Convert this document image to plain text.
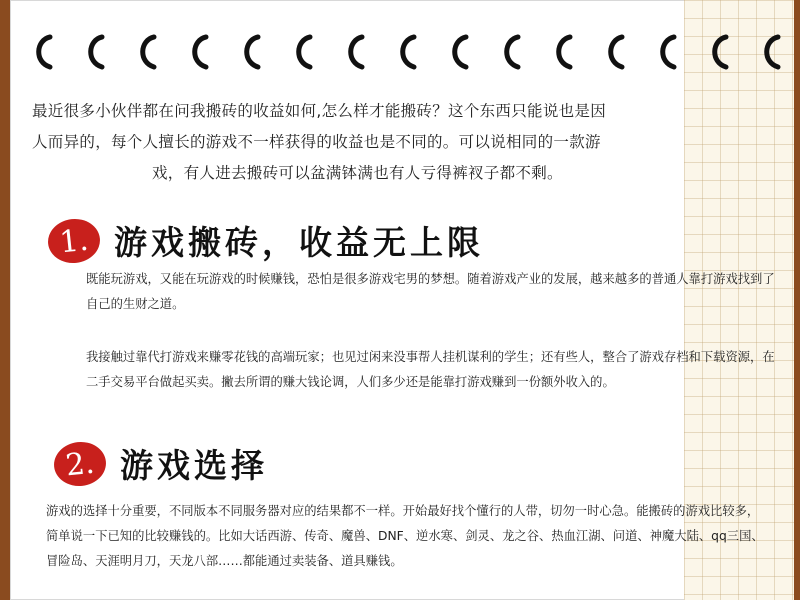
最近很多小伙伴都在问我搬砖的收益如何,怎么样才能搬砖？这个东西只能说也是因
人而异的，每个人擅长的游戏不一样获得的收益也是不同的。可以说相同的一款游
戏，有人进去搬砖可以盆满钵满也有人亏得裤衩子都不剩。
1. 游戏搬砖，收益无上限
既能玩游戏，又能在玩游戏的时候赚钱，恐怕是很多游戏宅男的梦想。随着游戏产业的发展，越来越多的普通人靠打游戏找到了自己的生财之道。
我接触过靠代打游戏来赚零花钱的高端玩家；也见过闲来没事帮人挂机谋利的学生；还有些人，整合了游戏存档和下载资源，在二手交易平台做起买卖。撇去所谓的赚大钱论调，人们多少还是能靠打游戏赚到一份额外收入的。
2. 游戏选择
游戏的选择十分重要，不同版本不同服务器对应的结果都不一样。开始最好找个懂行的人带，切勿一时心急。能搬砖的游戏比较多，简单说一下已知的比较赚钱的。比如大话西游、传奇、魔兽、DNF、逆水寒、剑灵、龙之谷、热血江湖、问道、神魔大陆、qq三国、冒险岛、天涯明月刀，天龙八部……都能通过卖装备、道具赚钱。
